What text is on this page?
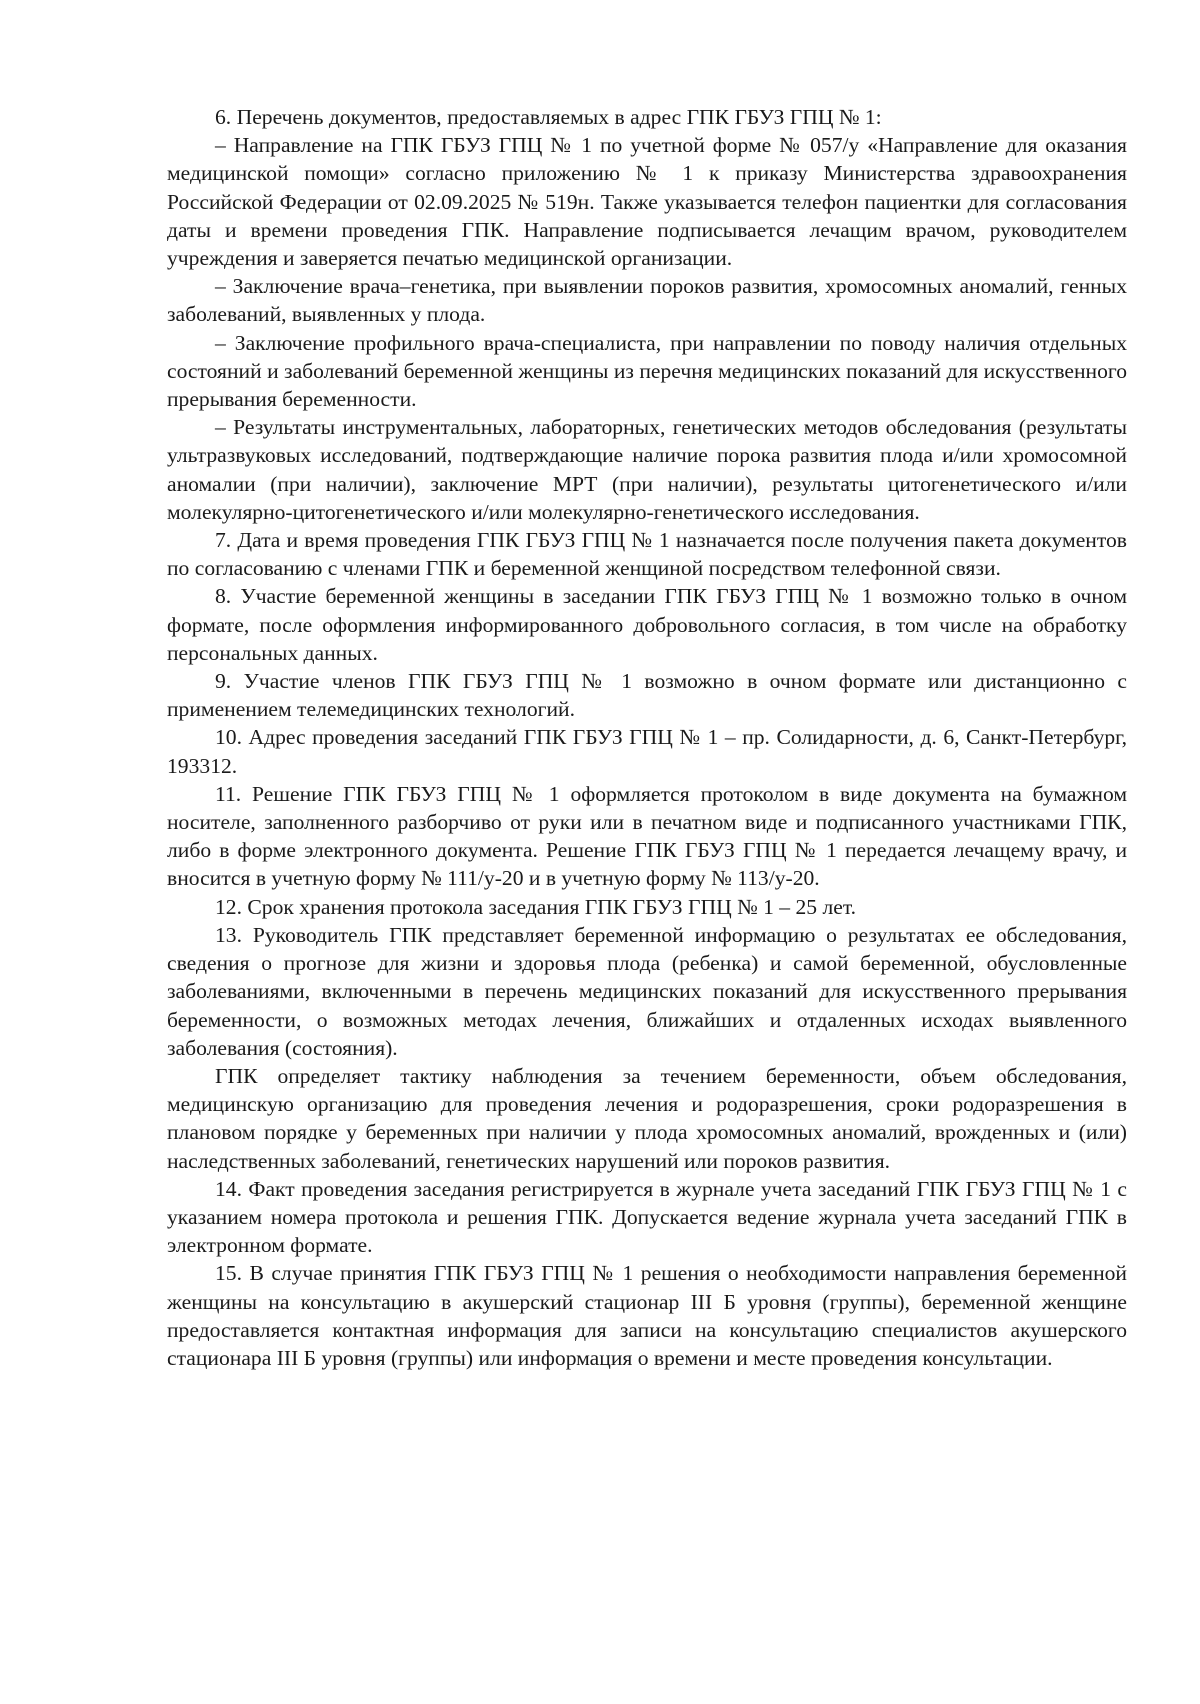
6. Перечень документов, предоставляемых в адрес ГПК ГБУЗ ГПЦ № 1:

– Направление на ГПК ГБУЗ ГПЦ № 1 по учетной форме № 057/у «Направление для оказания медицинской помощи» согласно приложению № 1 к приказу Министерства здравоохранения Российской Федерации от 02.09.2025 № 519н. Также указывается телефон пациентки для согласования даты и времени проведения ГПК. Направление подписывается лечащим врачом, руководителем учреждения и заверяется печатью медицинской организации.

– Заключение врача–генетика, при выявлении пороков развития, хромосомных аномалий, генных заболеваний, выявленных у плода.

– Заключение профильного врача-специалиста, при направлении по поводу наличия отдельных состояний и заболеваний беременной женщины из перечня медицинских показаний для искусственного прерывания беременности.

– Результаты инструментальных, лабораторных, генетических методов обследования (результаты ультразвуковых исследований, подтверждающие наличие порока развития плода и/или хромосомной аномалии (при наличии), заключение МРТ (при наличии), результаты цитогенетического и/или молекулярно-цитогенетического и/или молекулярно-генетического исследования.

7. Дата и время проведения ГПК ГБУЗ ГПЦ № 1 назначается после получения пакета документов по согласованию с членами ГПК и беременной женщиной посредством телефонной связи.

8. Участие беременной женщины в заседании ГПК ГБУЗ ГПЦ № 1 возможно только в очном формате, после оформления информированного добровольного согласия, в том числе на обработку персональных данных.

9. Участие членов ГПК ГБУЗ ГПЦ № 1 возможно в очном формате или дистанционно с применением телемедицинских технологий.

10. Адрес проведения заседаний ГПК ГБУЗ ГПЦ № 1 – пр. Солидарности, д. 6, Санкт-Петербург, 193312.

11. Решение ГПК ГБУЗ ГПЦ № 1 оформляется протоколом в виде документа на бумажном носителе, заполненного разборчиво от руки или в печатном виде и подписанного участниками ГПК, либо в форме электронного документа. Решение ГПК ГБУЗ ГПЦ № 1 передается лечащему врачу, и вносится в учетную форму № 111/у-20 и в учетную форму № 113/у-20.

12. Срок хранения протокола заседания ГПК ГБУЗ ГПЦ № 1 – 25 лет.

13. Руководитель ГПК представляет беременной информацию о результатах ее обследования, сведения о прогнозе для жизни и здоровья плода (ребенка) и самой беременной, обусловленные заболеваниями, включенными в перечень медицинских показаний для искусственного прерывания беременности, о возможных методах лечения, ближайших и отдаленных исходах выявленного заболевания (состояния).

ГПК определяет тактику наблюдения за течением беременности, объем обследования, медицинскую организацию для проведения лечения и родоразрешения, сроки родоразрешения в плановом порядке у беременных при наличии у плода хромосомных аномалий, врожденных и (или) наследственных заболеваний, генетических нарушений или пороков развития.

14. Факт проведения заседания регистрируется в журнале учета заседаний ГПК ГБУЗ ГПЦ № 1 с указанием номера протокола и решения ГПК. Допускается ведение журнала учета заседаний ГПК в электронном формате.

15. В случае принятия ГПК ГБУЗ ГПЦ № 1 решения о необходимости направления беременной женщины на консультацию в акушерский стационар III Б уровня (группы), беременной женщине предоставляется контактная информация для записи на консультацию специалистов акушерского стационара III Б уровня (группы) или информация о времени и месте проведения консультации.
